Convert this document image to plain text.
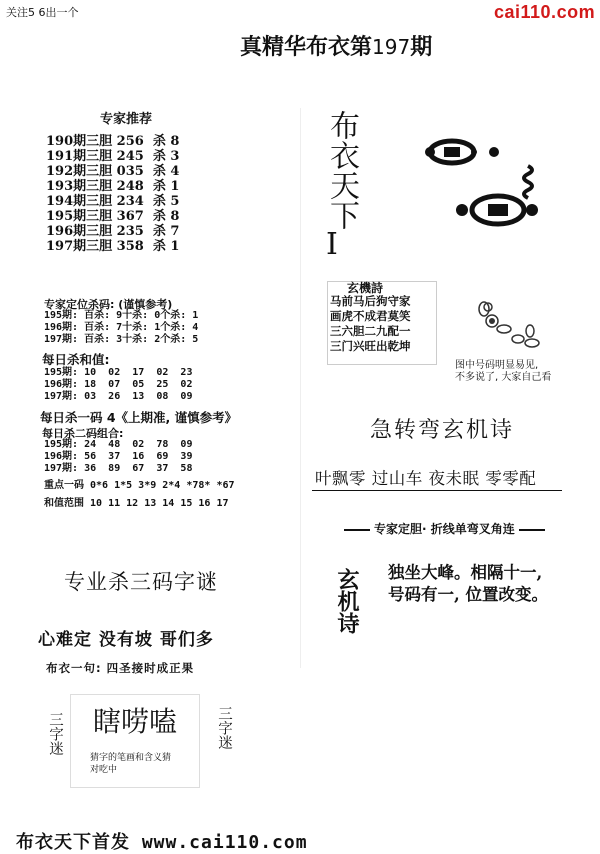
关注5 6出一个	cai110.com
真精华布衣第197期
专家推荐
190期三胆 256  杀 8
191期三胆 245  杀 3
192期三胆 035  杀 4
193期三胆 248  杀 1
194期三胆 234  杀 5
195期三胆 367  杀 8
196期三胆 235  杀 7
197期三胆 358  杀 1
专家定位杀码: (谨慎参考)
195期: 百杀: 9十杀: 0个杀: 1
196期: 百杀: 7十杀: 1个杀: 4
197期: 百杀: 3十杀: 2个杀: 5
每日杀和值:
195期: 10  02  17  02  23
196期: 18  07  05  25  02
197期: 03  26  13  08  09
每日杀一码 4《上期准, 谨慎参考》
每日杀二码组合:
195期: 24  48  02  78  09
196期: 56  37  16  69  39
197期: 36  89  67  37  58
重点一码 0*6 1*5 3*9 2*4 *78* *67
和值范围 10 11 12 13 14 15 16 17
布衣天下
I
玄機詩
马前马后狗守家
画虎不成君莫笑
三六胆二九配一
三门兴旺出乾坤
图中号码明显易见,
不多说了, 大家自己看
急转弯玄机诗
叶飘零 过山车 夜未眠 零零配
专家定胆· 折线单弯叉角连
玄机诗 独坐大峰。相隔十一,
号码有一, 位置改变。
专业杀三码字谜
心难定 没有坡 哥们多
布衣一句: 四圣接时成正果
三字迷	三字迷
瞎唠嗑
猜字的笔画和含义猜
对吃中
布衣天下首发 www.cai110.com
